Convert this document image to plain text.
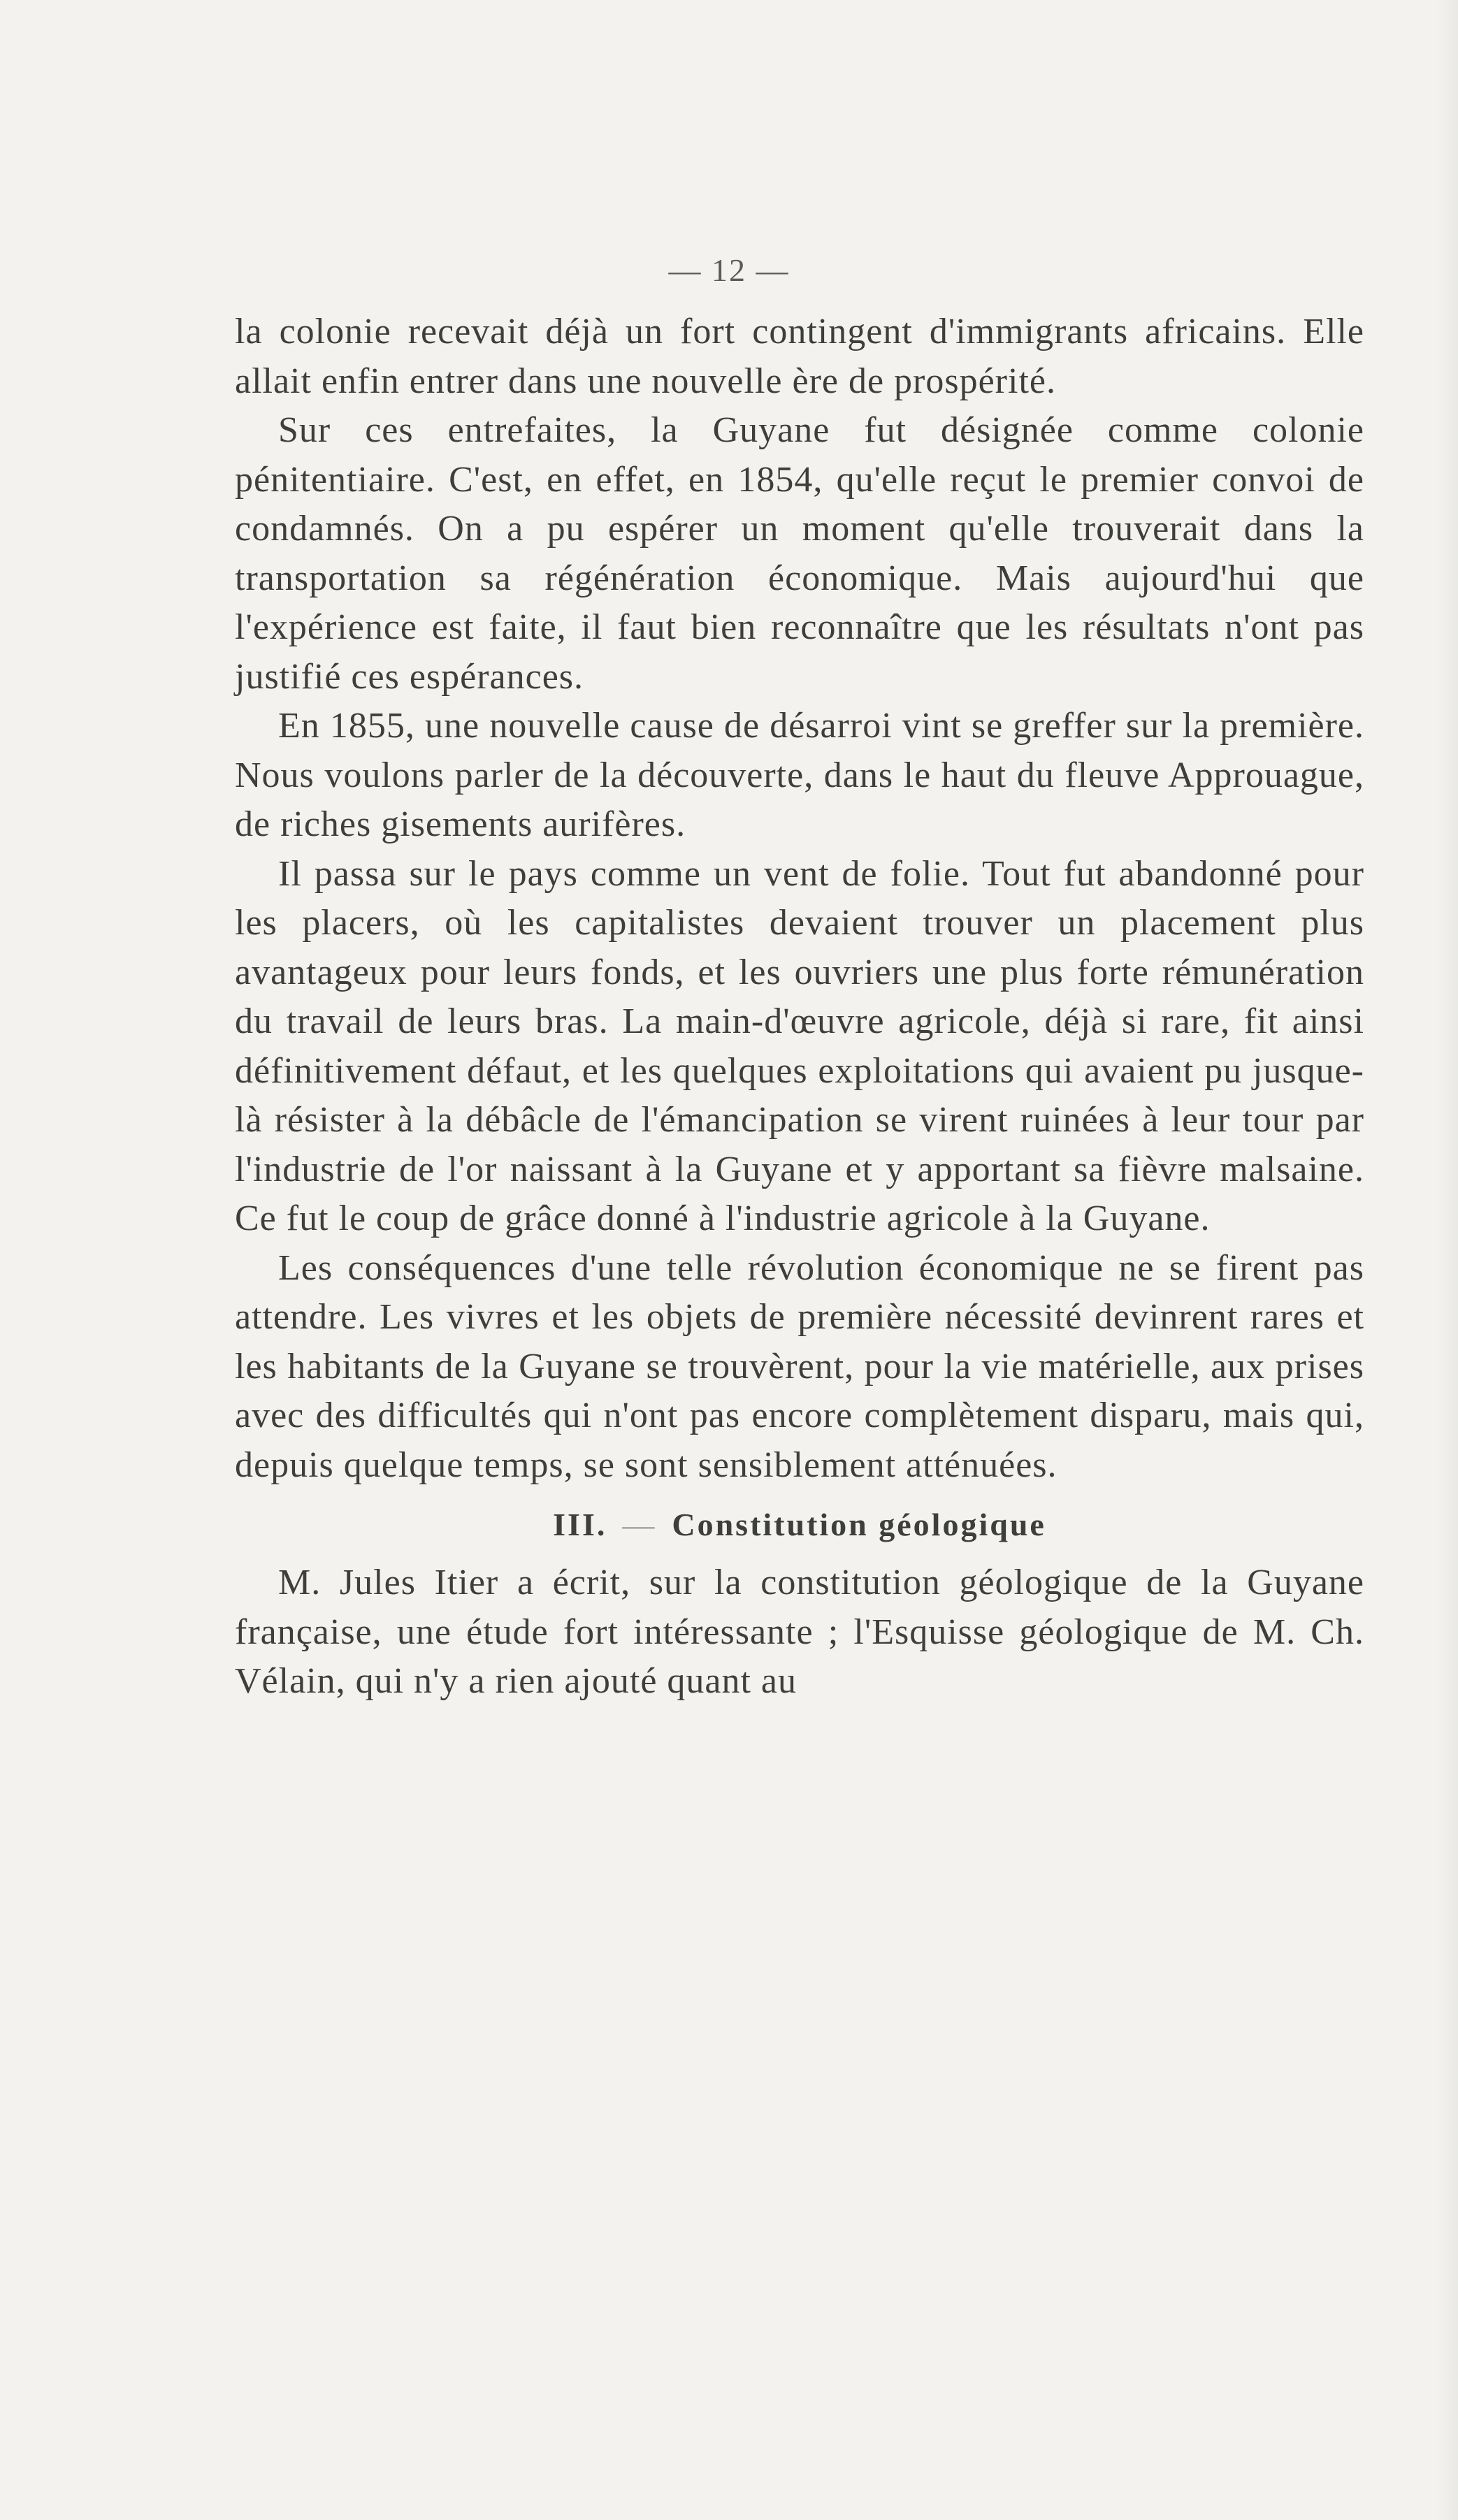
— 12 —

la colonie recevait déjà un fort contingent d'immigrants africains. Elle allait enfin entrer dans une nouvelle ère de prospérité.

Sur ces entrefaites, la Guyane fut désignée comme colonie pénitentiaire. C'est, en effet, en 1854, qu'elle reçut le premier convoi de condamnés. On a pu espérer un moment qu'elle trouverait dans la transportation sa régénération économique. Mais aujourd'hui que l'expérience est faite, il faut bien reconnaître que les résultats n'ont pas justifié ces espérances.

En 1855, une nouvelle cause de désarroi vint se greffer sur la première. Nous voulons parler de la découverte, dans le haut du fleuve Approuague, de riches gisements aurifères.

Il passa sur le pays comme un vent de folie. Tout fut abandonné pour les placers, où les capitalistes devaient trouver un placement plus avantageux pour leurs fonds, et les ouvriers une plus forte rémunération du travail de leurs bras. La main-d'œuvre agricole, déjà si rare, fit ainsi définitivement défaut, et les quelques exploitations qui avaient pu jusque-là résister à la débâcle de l'émancipation se virent ruinées à leur tour par l'industrie de l'or naissant à la Guyane et y apportant sa fièvre malsaine. Ce fut le coup de grâce donné à l'industrie agricole à la Guyane.

Les conséquences d'une telle révolution économique ne se firent pas attendre. Les vivres et les objets de première nécessité devinrent rares et les habitants de la Guyane se trouvèrent, pour la vie matérielle, aux prises avec des difficultés qui n'ont pas encore complètement disparu, mais qui, depuis quelque temps, se sont sensiblement atténuées.

III. — Constitution géologique

M. Jules Itier a écrit, sur la constitution géologique de la Guyane française, une étude fort intéressante ; l'Esquisse géologique de M. Ch. Vélain, qui n'y a rien ajouté quant au
